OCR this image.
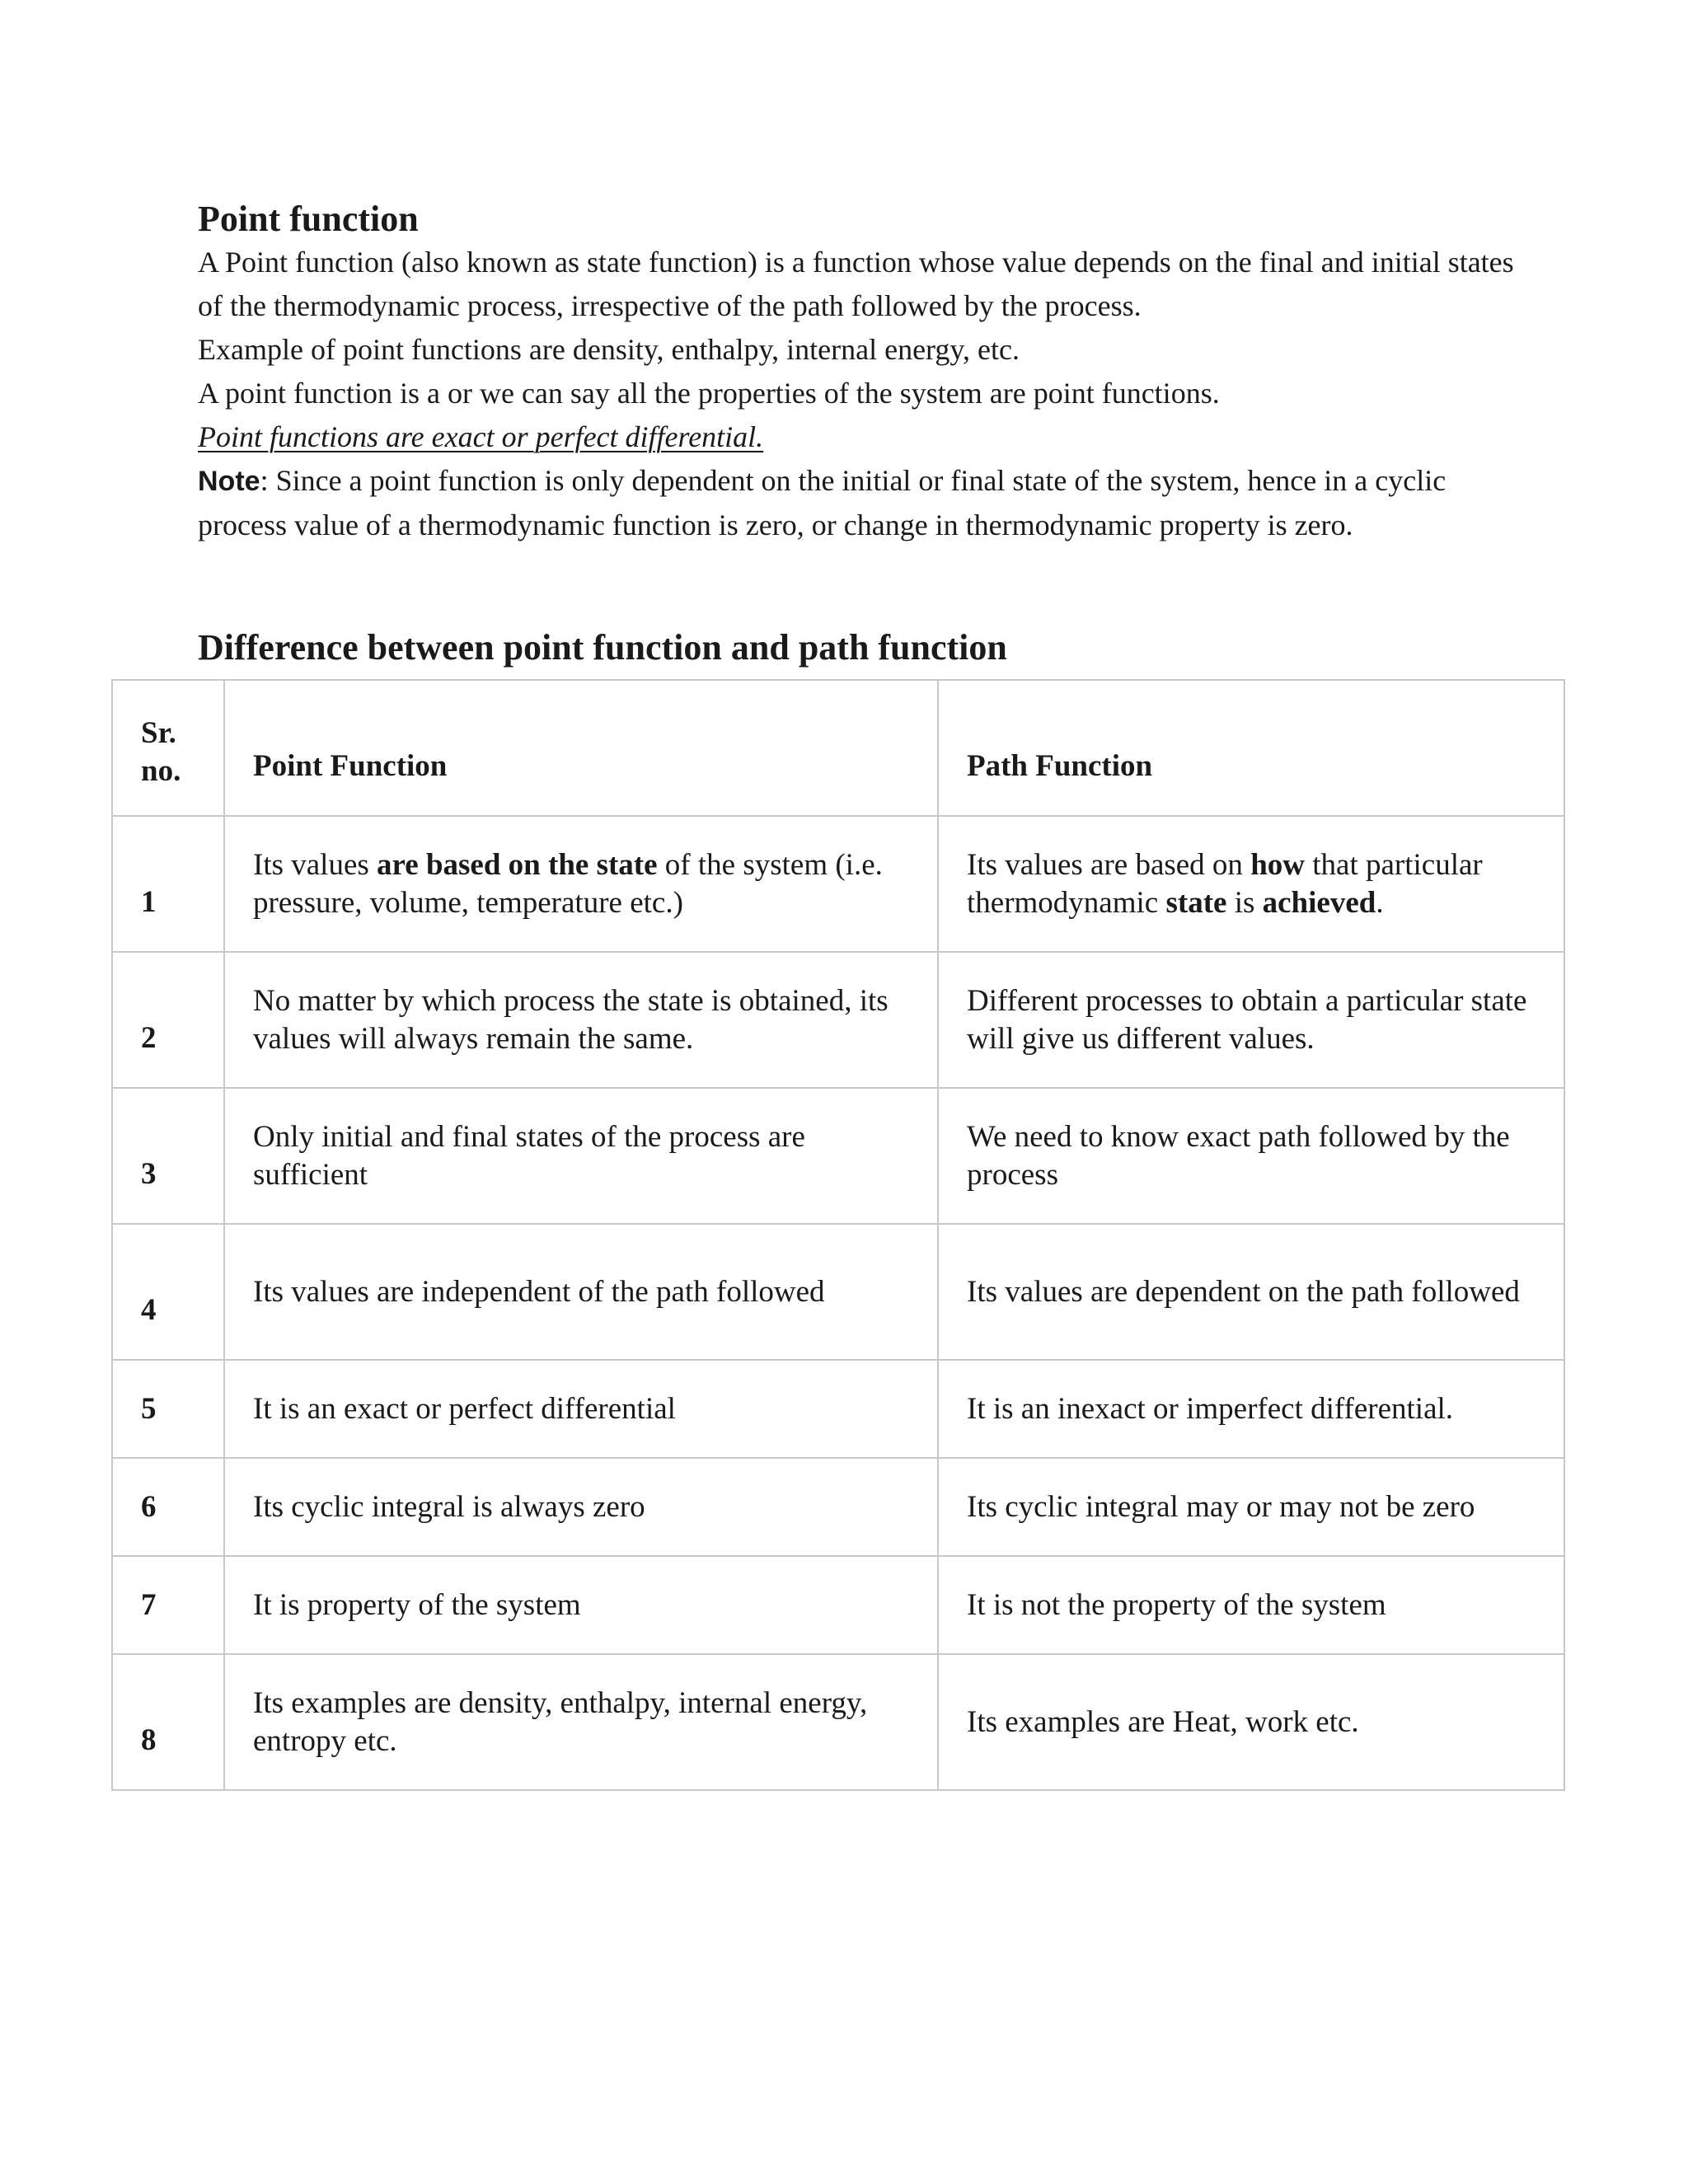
Point function

A Point function (also known as state function) is a function whose value depends on the final and initial states of the thermodynamic process, irrespective of the path followed by the process.

Example of point functions are density, enthalpy, internal energy, etc.

A point function is a or we can say all the properties of the system are point functions.

Point functions are exact or perfect differential.

Note: Since a point function is only dependent on the initial or final state of the system, hence in a cyclic process value of a thermodynamic function is zero, or change in thermodynamic property is zero.

Difference between point function and path function
Sr. no.	Point Function	Path Function
1	Its values are based on the state of the system (i.e. pressure, volume, temperature etc.)	Its values are based on how that particular thermodynamic state is achieved.
2	No matter by which process the state is obtained, its values will always remain the same.	Different processes to obtain a particular state will give us different values.
3	Only initial and final states of the process are sufficient	We need to know exact path followed by the process
4	Its values are independent of the path followed	Its values are dependent on the path followed
5	It is an exact or perfect differential	It is an inexact or imperfect differential.
6	Its cyclic integral is always zero	Its cyclic integral may or may not be zero
7	It is property of the system	It is not the property of the system
8	Its examples are density, enthalpy, internal energy, entropy etc.	Its examples are Heat, work etc.
